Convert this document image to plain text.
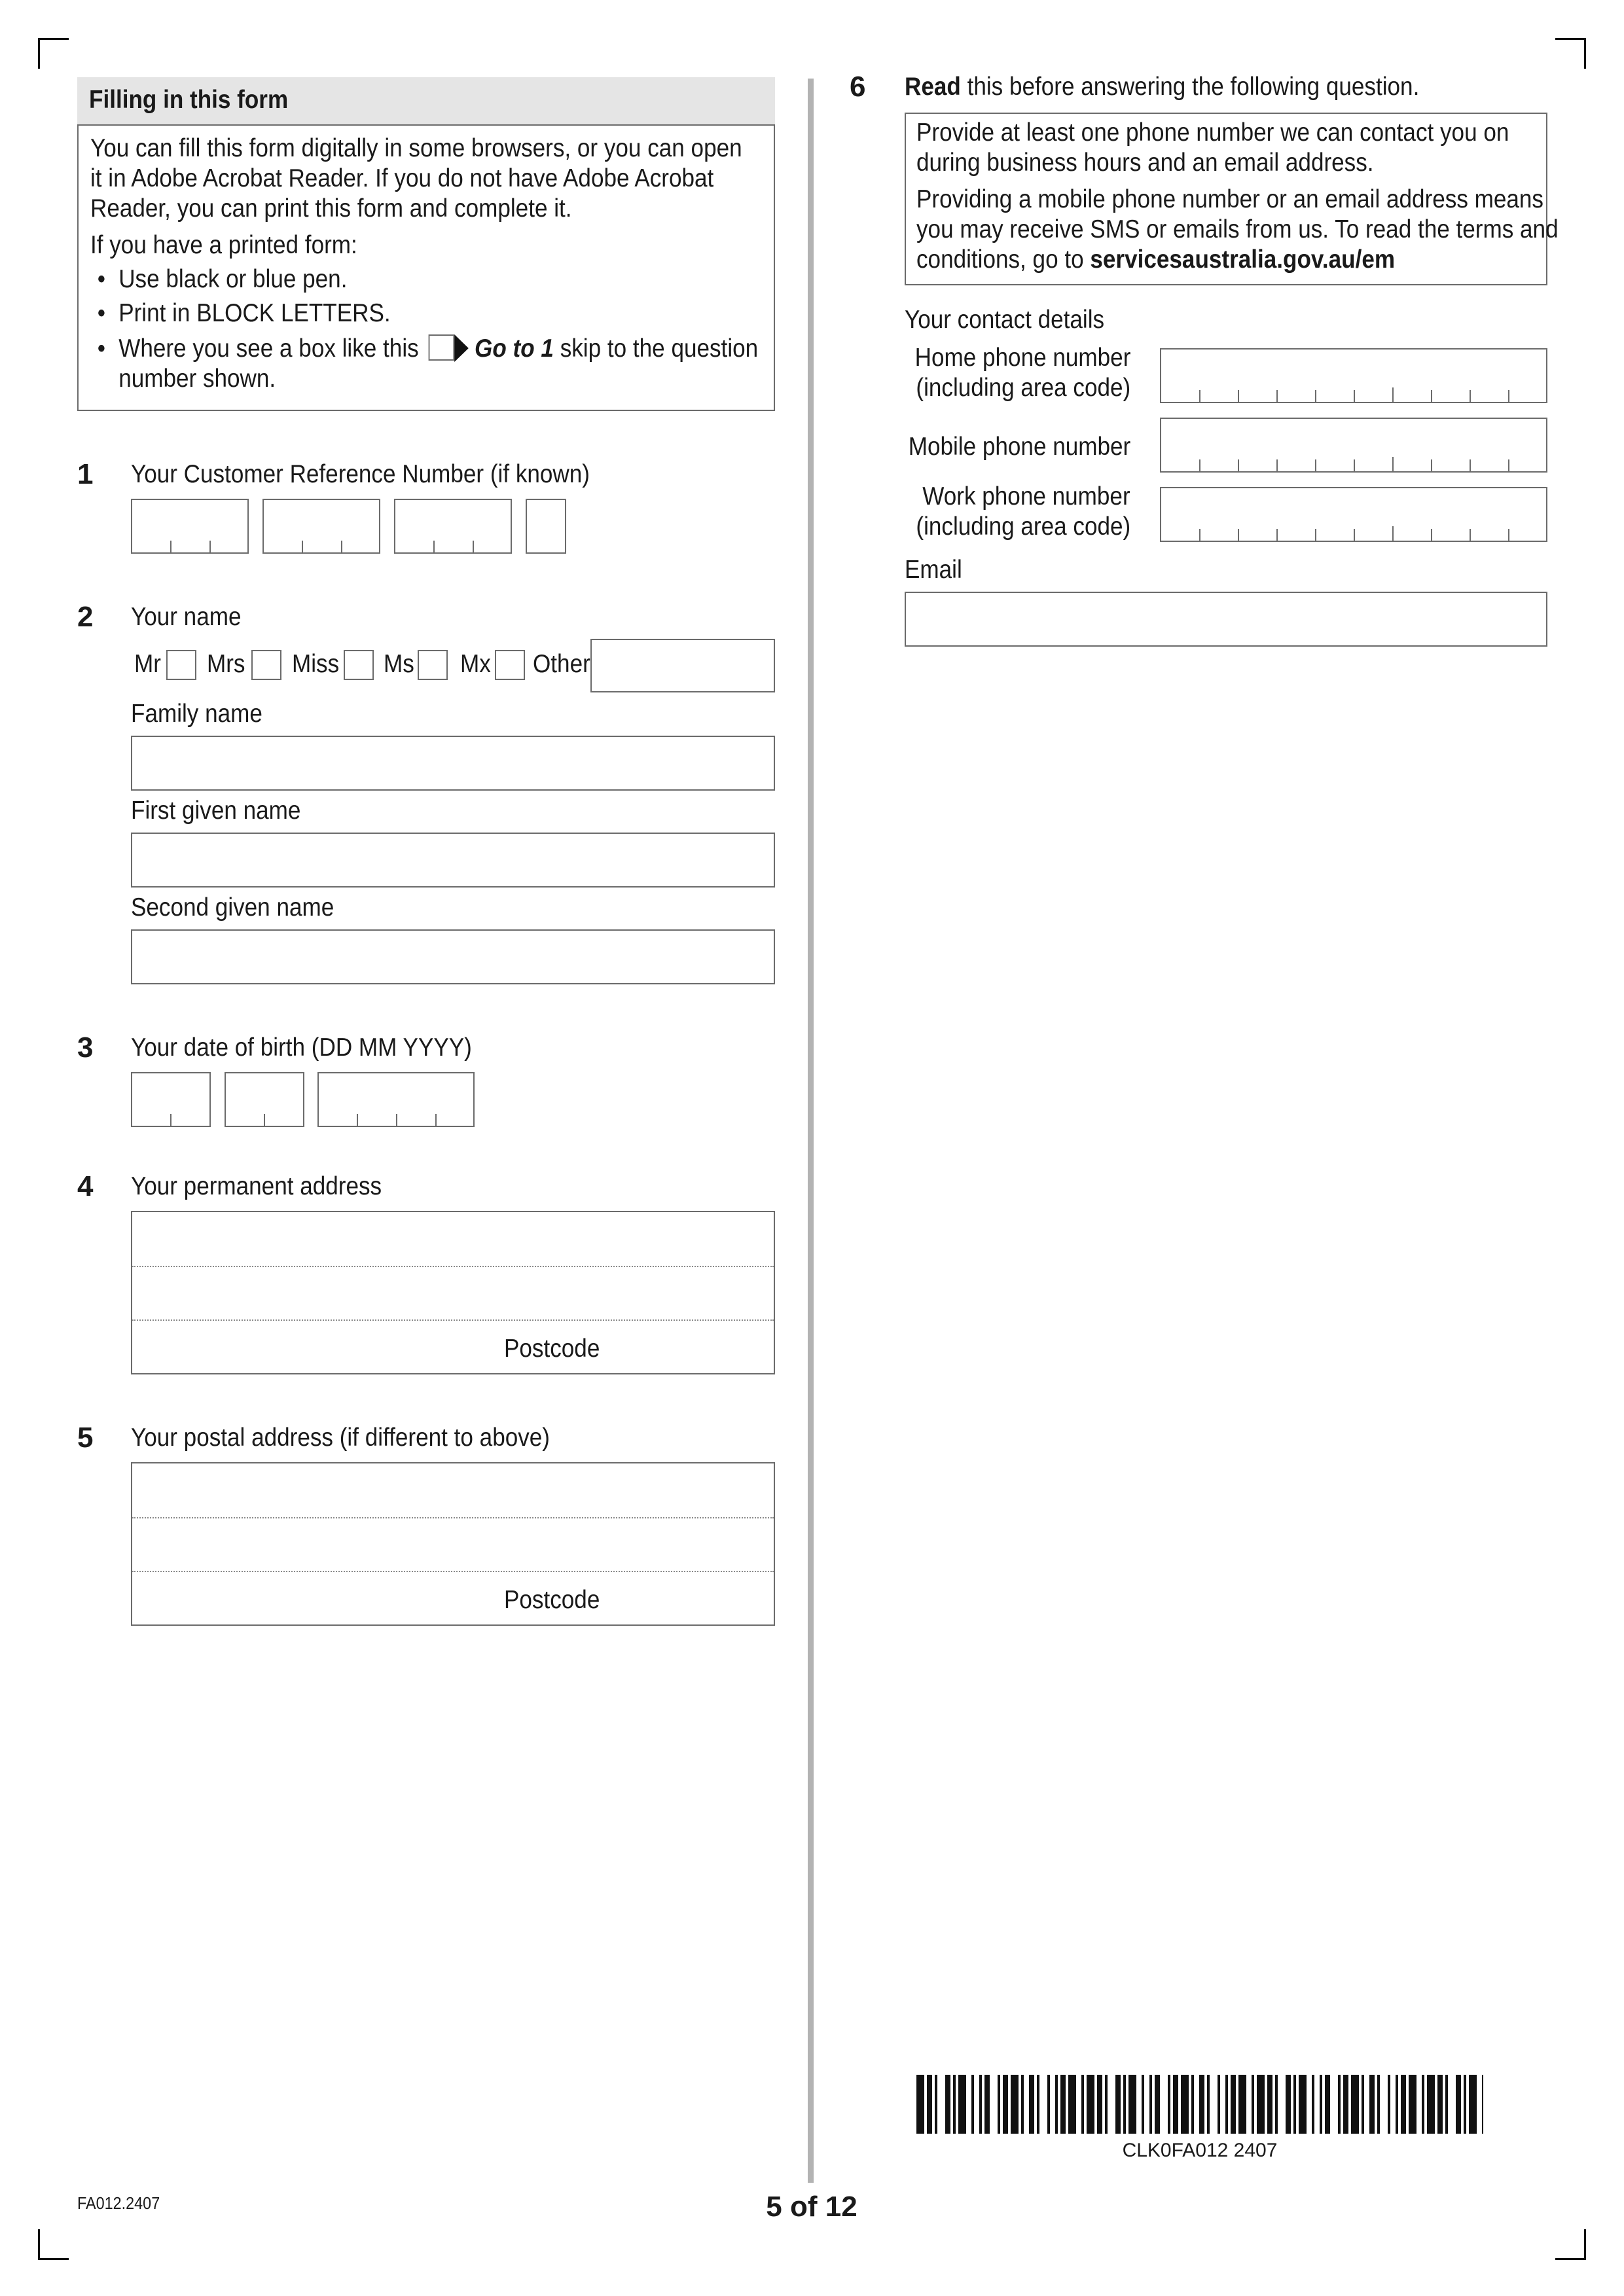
Filling in this form
You can fill this form digitally in some browsers, or you can open
it in Adobe Acrobat Reader. If you do not have Adobe Acrobat
Reader, you can print this form and complete it.
If you have a printed form:
• Use black or blue pen.
• Print in BLOCK LETTERS.
• Where you see a box like this Go to 1 skip to the question
number shown.
1 Your Customer Reference Number (if known)
2 Your name
Mr Mrs Miss Ms Mx Other
Family name
First given name
Second given name
3 Your date of birth (DD MM YYYY)
4 Your permanent address
Postcode
5 Your postal address (if different to above)
Postcode
6 Read this before answering the following question.
Provide at least one phone number we can contact you on
during business hours and an email address.
Providing a mobile phone number or an email address means
you may receive SMS or emails from us. To read the terms and
conditions, go to servicesaustralia.gov.au/em
Your contact details
Home phone number
(including area code)
Mobile phone number
Work phone number
(including area code)
Email
CLK0FA012 2407
FA012.2407	5 of 12
